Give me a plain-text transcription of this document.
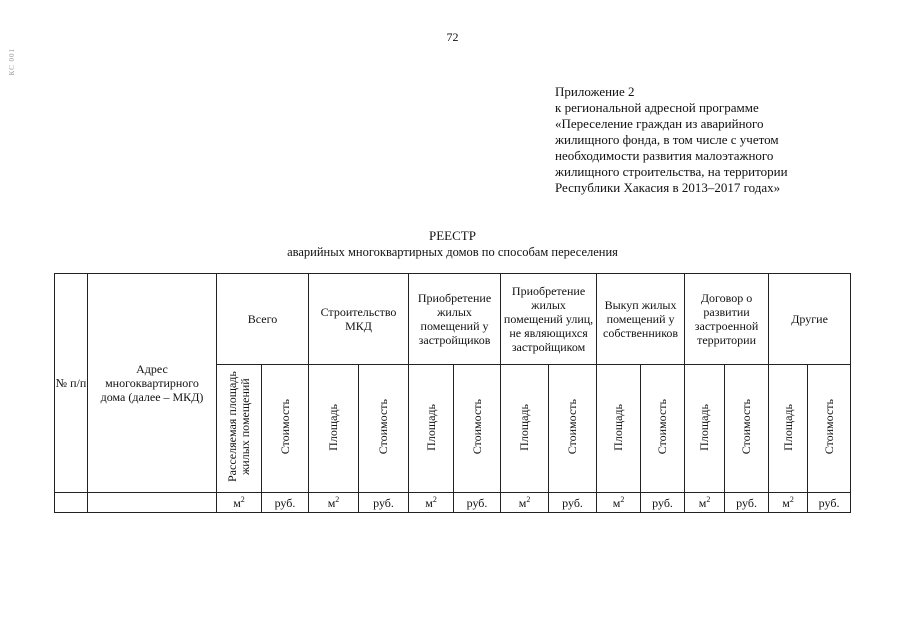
72
КС 001
Приложение 2
к региональной адресной программе
«Переселение граждан из аварийного
жилищного фонда, в том числе с учетом
необходимости развития малоэтажного
жилищного строительства, на территории
Республики Хакасия в 2013–2017 годах»
РЕЕСТР
аварийных многоквартирных домов по способам переселения
№ п/п	Адрес многоквартирного дома (далее – МКД)	Всего		Строительство МКД		Приобретение жилых помещений у застройщиков		Приобретение жилых помещений улиц, не являющихся застройщиком		Выкуп жилых помещений у собственников		Договор о развитии застроенной территории		Другие	
		Расселяемая площадь жилых помещений	Стоимость	Площадь	Стоимость	Площадь	Стоимость	Площадь	Стоимость	Площадь	Стоимость	Площадь	Стоимость	Площадь	Стоимость
		$м^2$	руб.	$м^2$	руб.	$м^2$	руб.	$м^2$	руб.	$м^2$	руб.	$м^2$	руб.	$м^2$	руб.
